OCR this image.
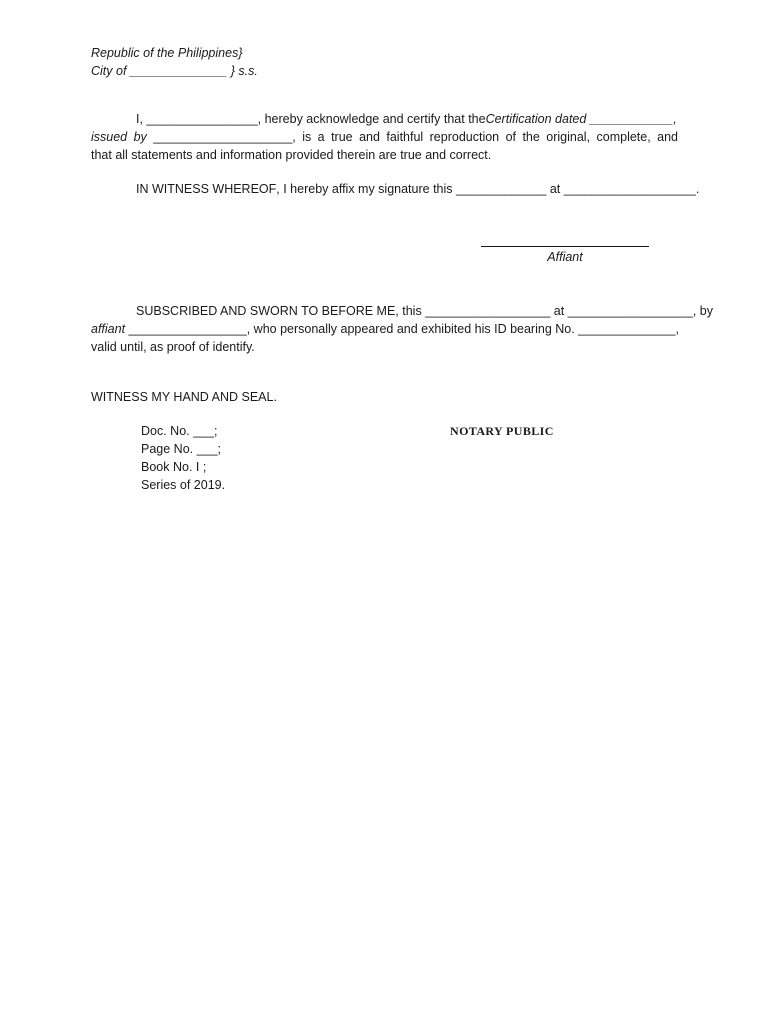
Republic of the Philippines}
City of ______________ } s.s.
I, ________________, hereby acknowledge and certify that theCertification dated ____________,
issued by ____________________, is a true and faithful reproduction of the original, complete, and
that all statements and information provided therein are true and correct.
IN WITNESS WHEREOF, I hereby affix my signature this _____________ at ___________________.
Affiant
SUBSCRIBED AND SWORN TO BEFORE ME, this __________________ at __________________, by
affiant _________________, who personally appeared and exhibited his ID bearing No. ______________,
valid until, as proof of identify.
WITNESS MY HAND AND SEAL.
Doc. No. ___;
Page No. ___;
Book No. I ;
Series of 2019.
NOTARY PUBLIC
